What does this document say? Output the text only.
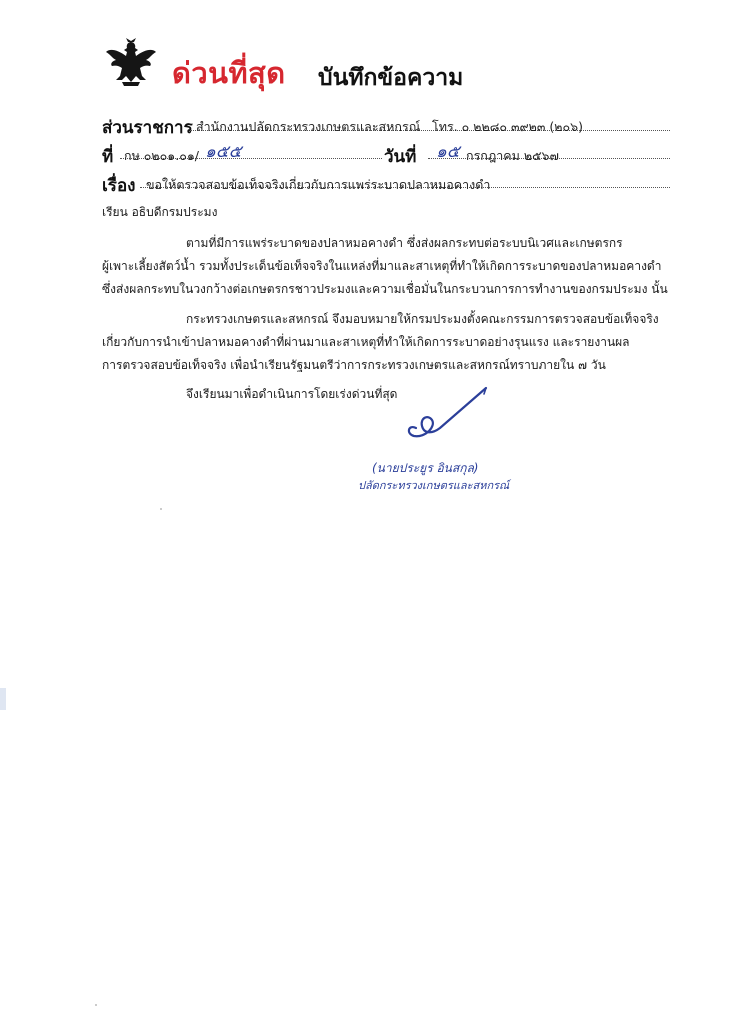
ด่วนที่สุด บันทึกข้อความ
ส่วนราชการ สำนักงานปลัดกระทรวงเกษตรและสหกรณ์ โทร. ๐ ๒๒๘๐ ๓๙๒๓ (๒๐๖)
ที่ กษ ๐๒๐๑.๐๑/ ๑๕๕	วันที่ ๑๕ กรกฎาคม ๒๕๖๗
เรื่อง ขอให้ตรวจสอบข้อเท็จจริงเกี่ยวกับการแพร่ระบาดปลาหมอคางดำ
เรียน อธิบดีกรมประมง
ตามที่มีการแพร่ระบาดของปลาหมอคางดำ ซึ่งส่งผลกระทบต่อระบบนิเวศและเกษตรกร
ผู้เพาะเลี้ยงสัตว์น้ำ รวมทั้งประเด็นข้อเท็จจริงในแหล่งที่มาและสาเหตุที่ทำให้เกิดการระบาดของปลาหมอคางดำ
ซึ่งส่งผลกระทบในวงกว้างต่อเกษตรกรชาวประมงและความเชื่อมั่นในกระบวนการการทำงานของกรมประมง นั้น
กระทรวงเกษตรและสหกรณ์ จึงมอบหมายให้กรมประมงตั้งคณะกรรมการตรวจสอบข้อเท็จจริง
เกี่ยวกับการนำเข้าปลาหมอคางดำที่ผ่านมาและสาเหตุที่ทำให้เกิดการระบาดอย่างรุนแรง และรายงานผล
การตรวจสอบข้อเท็จจริง เพื่อนำเรียนรัฐมนตรีว่าการกระทรวงเกษตรและสหกรณ์ทราบภายใน ๗ วัน
จึงเรียนมาเพื่อดำเนินการโดยเร่งด่วนที่สุด
(นายประยูร อินสกุล)
ปลัดกระทรวงเกษตรและสหกรณ์
